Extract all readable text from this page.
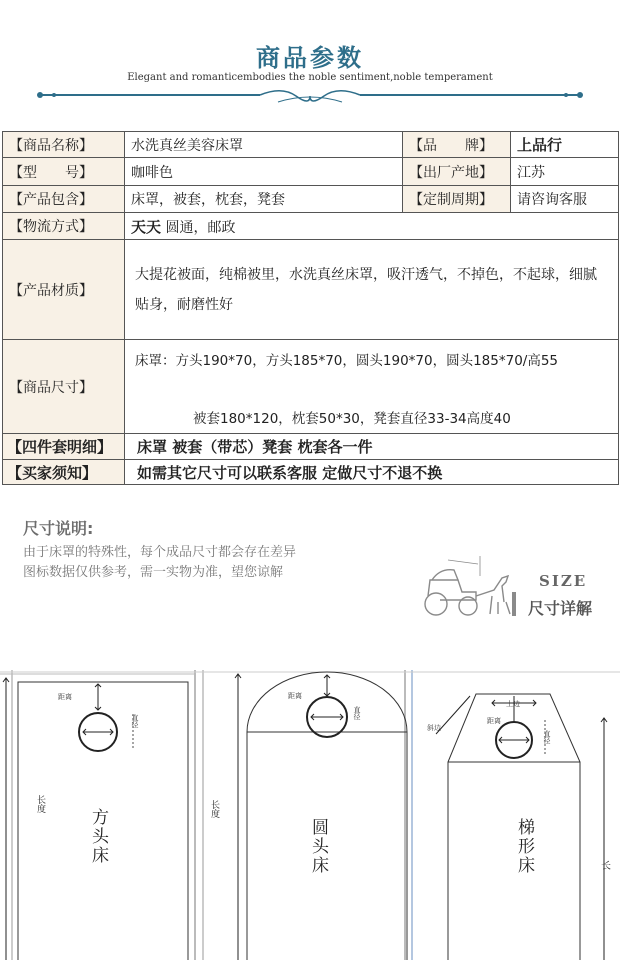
商品参数
Elegant and romanticembodies the noble sentiment,noble temperament
【商品名称】	水洗真丝美容床罩	【品　　牌】	上品行
【型　　号】	咖啡色	【出厂产地】	江苏
【产品包含】	床罩，被套，枕套，凳套	【定制周期】	请咨询客服
【物流方式】	天天 圆通，邮政		
【产品材质】	大提花被面，纯棉被里，水洗真丝床罩，吸汗透气，不掉色，不起球，细腻贴身，耐磨性好		
【商品尺寸】	床罩：方头190*70，方头185*70，圆头190*70，圆头185*70/高55
被套180*120，枕套50*30，凳套直径33-34高度40		

【四件套明细】	床罩 被套（带芯）凳套 枕套各一件		
【买家须知】	如需其它尺寸可以联系客服 定做尺寸不退不换		
尺寸说明:
由于床罩的特殊性，每个成品尺寸都会存在差异
图标数据仅供参考，需一实物为准，望您谅解	SIZE
尺寸详解
距离
直径
长度
方头床
距离
直径
长度
圆头床
上边
斜边
距离
直径
长
梯形床
